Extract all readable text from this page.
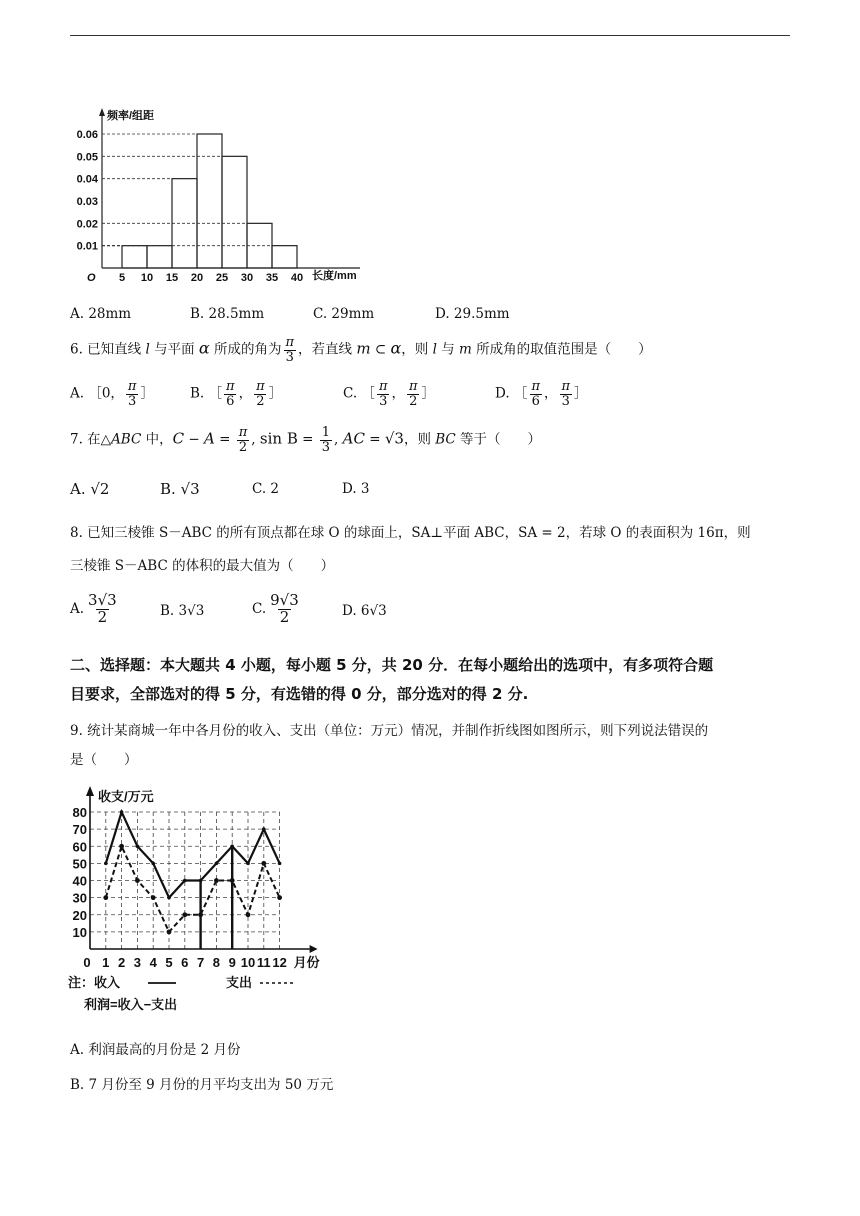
频率/组距
长度/mm
O
0.01
0.02
0.03
0.04
0.05
0.06
5 10 15 20 25 30 35 40
A. 28mm	B. 28.5mm	C. 29mm	D. 29.5mm
6. 已知直线 l 与平面 α 所成的角为 $\frac{\pi}{3}$ ，若直线 m ⊂ α，则 l 与 m 所成角的取值范围是（　　）
A. ［0， $\frac{\pi}{3}$ ］	B. ［ $\frac{\pi}{6}$ ， $\frac{\pi}{2}$ ］	C. ［ $\frac{\pi}{3}$ ， $\frac{\pi}{2}$ ］	D. ［ $\frac{\pi}{6}$ ， $\frac{\pi}{3}$ ］
7. 在△ABC 中，$C - A = \frac{\pi}{2}$ , $\sin B = \frac{1}{3}$ , AC = √3，则 BC 等于（　　）
A. √2	B. √3	C. 2	D. 3
8. 已知三棱锥 S－ABC 的所有顶点都在球 O 的球面上，SA⊥平面 ABC，SA = 2，若球 O 的表面积为 16π，则
三棱锥 S－ABC 的体积的最大值为（　　）
A. $\frac{3√3}{2}$	B. 3√3	C. $\frac{9√3}{2}$	D. 6√3
二、选择题：本大题共 4 小题，每小题 5 分，共 20 分．在每小题给出的选项中，有多项符合题
目要求，全部选对的得 5 分，有选错的得 0 分，部分选对的得 2 分.
9. 统计某商城一年中各月份的收入、支出（单位：万元）情况，并制作折线图如图所示，则下列说法错误的
是（　　）
10
20
30
40
50
60
70
80
收支/万元
0 1 2 3 4 5 6 7 8 9 10 11 12 月份
注：收入	支出
利润=收入−支出
A. 利润最高的月份是 2 月份
B. 7 月份至 9 月份的月平均支出为 50 万元
